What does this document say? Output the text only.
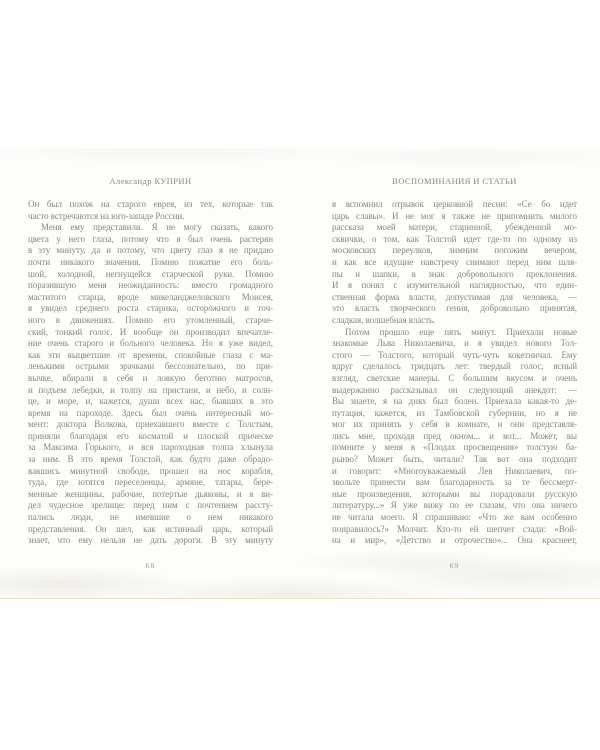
Александр КУПРИН
Он был похож на старого еврея, из тех, которые так
часто встречаются на юго-западе России.
Меня ему представили. Я не могу сказать, какого
цвета у него глаза, потому что я был очень растерян
в эту минуту, да и потому, что цвету глаз я не придаю
почти никакого значения. Помню пожатие его боль-
шой, холодной, негнущейся старческой руки. Помню
поразившую меня неожиданность: вместо громадного
маститого старца, вроде микеланджеловского Моисея,
я увидел среднего роста старика, осторожного и точ-
ного в движениях. Помню его утомленный, старче-
ский, тонкий голос. И вообще он производил впечатле-
ние очень старого и больного человека. Но я уже видел,
как эти выцветшие от времени, спокойные глаза с ма-
ленькими острыми зрачками бессознательно, по при-
вычке, вбирали в себя и ловкую беготню матросов,
и подъем лебедки, и толпу на пристани, и небо, и солн-
це, и море, и, кажется, души всех нас, бывших в это
время на пароходе. Здесь был очень интересный мо-
мент: доктора Волкова, приехавшего вместе с Толстым,
приняли благодаря его косматой и плоской прическе
за Максима Горького, и вся пароходная толпа хлынула
за ним. В это время Толстой, как будто даже обрадо-
вавшись минутной свободе, прошел на нос корабля,
туда, где ютятся переселенцы, армяне, татары, бере-
менные женщины, рабочие, потертые дьяконы, и я ви-
дел чудесное зрелище: перед ним с почтением рассту-
пались люди, не имевшие о нем никакого
представления. Он шел, как истинный царь, который
знает, что ему нельзя не дать дороги. В эту минуту
68
ВОСПОМИНАНИЯ И СТАТЬИ
я вспомнил отрывок церковной песни: «Се бо идет
царь славы». И не мог я также не припомнить милого
рассказа моей матери, старинной, убежденной мо-
сквички, о том, как Толстой идет где-то по одному из
московских переулков, зимним погожим вечером,
и как все идущие навстречу снимают перед ним шля-
пы и шапки, в знак добровольного преклонения.
И я понял с изумительной наглядностью, что един-
ственная форма власти, допустимая для человека, —
это власть творческого гения, добровольно принятая,
сладкая, волшебная власть.
Потом прошло еще пять минут. Приехали новые
знакомые Льва Николаевича, и я увидел нового Тол-
стого — Толстого, который чуть-чуть кокетничал. Ему
вдруг сделалось тридцать лет: твердый голос, ясный
взгляд, светские манеры. С большим вкусом и очень
выдержанно рассказывал он следующий анекдот: —
Вы знаете, я на днях был болен. Приехала какая-то де-
путация, кажется, из Тамбовской губернии, но я не
мог их принять у себя в комнате, и они представля-
лись мне, проходя пред окном... и вот... Может, вы
помните у меня в «Плодах просвещения» толстую ба-
рыню? Может быть, читали? Так вот она подходит
и говорит: «Многоуважаемый Лев Николаевич, по-
звольте принести вам благодарность за те бессмерт-
ные произведения, которыми вы порадовали русскую
литературу...» Я уже вижу по ее глазам, что она ничего
не читала моего. Я спрашиваю: «Что же вам особенно
понравилось?» Молчит. Кто-то ей шепчет сзади: «Вой-
на и мир», «Детство и отрочество»... Она краснеет,
69
